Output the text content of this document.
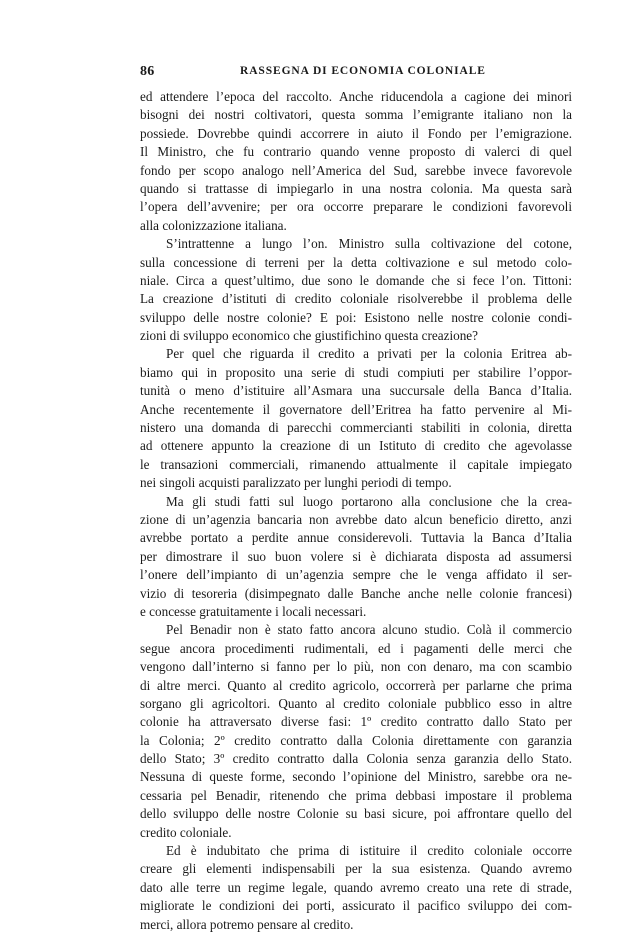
86	RASSEGNA DI ECONOMIA COLONIALE
ed attendere l’epoca del raccolto. Anche riducendola a cagione dei minori
bisogni dei nostri coltivatori, questa somma l’emigrante italiano non la
possiede. Dovrebbe quindi accorrere in aiuto il Fondo per l’emigrazione.
Il Ministro, che fu contrario quando venne proposto di valerci di quel
fondo per scopo analogo nell’America del Sud, sarebbe invece favorevole
quando si trattasse di impiegarlo in una nostra colonia. Ma questa sarà
l’opera dell’avvenire; per ora occorre preparare le condizioni favorevoli
alla colonizzazione italiana.
S’intrattenne a lungo l’on. Ministro sulla coltivazione del cotone,
sulla concessione di terreni per la detta coltivazione e sul metodo colo-
niale. Circa a quest’ultimo, due sono le domande che si fece l’on. Tittoni:
La creazione d’istituti di credito coloniale risolverebbe il problema delle
sviluppo delle nostre colonie? E poi: Esistono nelle nostre colonie condi-
zioni di sviluppo economico che giustifichino questa creazione?
Per quel che riguarda il credito a privati per la colonia Eritrea ab-
biamo qui in proposito una serie di studi compiuti per stabilire l’oppor-
tunità o meno d’istituire all’Asmara una succursale della Banca d’Italia.
Anche recentemente il governatore dell’Eritrea ha fatto pervenire al Mi-
nistero una domanda di parecchi commercianti stabiliti in colonia, diretta
ad ottenere appunto la creazione di un Istituto di credito che agevolasse
le transazioni commerciali, rimanendo attualmente il capitale impiegato
nei singoli acquisti paralizzato per lunghi periodi di tempo.
Ma gli studi fatti sul luogo portarono alla conclusione che la crea-
zione di un’agenzia bancaria non avrebbe dato alcun beneficio diretto, anzi
avrebbe portato a perdite annue considerevoli. Tuttavia la Banca d’Italia
per dimostrare il suo buon volere si è dichiarata disposta ad assumersi
l’onere dell’impianto di un’agenzia sempre che le venga affidato il ser-
vizio di tesoreria (disimpegnato dalle Banche anche nelle colonie francesi)
e concesse gratuitamente i locali necessari.
Pel Benadir non è stato fatto ancora alcuno studio. Colà il commercio
segue ancora procedimenti rudimentali, ed i pagamenti delle merci che
vengono dall’interno si fanno per lo più, non con denaro, ma con scambio
di altre merci. Quanto al credito agricolo, occorrerà per parlarne che prima
sorgano gli agricoltori. Quanto al credito coloniale pubblico esso in altre
colonie ha attraversato diverse fasi: 1º credito contratto dallo Stato per
la Colonia; 2º credito contratto dalla Colonia direttamente con garanzia
dello Stato; 3º credito contratto dalla Colonia senza garanzia dello Stato.
Nessuna di queste forme, secondo l’opinione del Ministro, sarebbe ora ne-
cessaria pel Benadir, ritenendo che prima debbasi impostare il problema
dello sviluppo delle nostre Colonie su basi sicure, poi affrontare quello del
credito coloniale.
Ed è indubitato che prima di istituire il credito coloniale occorre
creare gli elementi indispensabili per la sua esistenza. Quando avremo
dato alle terre un regime legale, quando avremo creato una rete di strade,
migliorate le condizioni dei porti, assicurato il pacifico sviluppo dei com-
merci, allora potremo pensare al credito.
